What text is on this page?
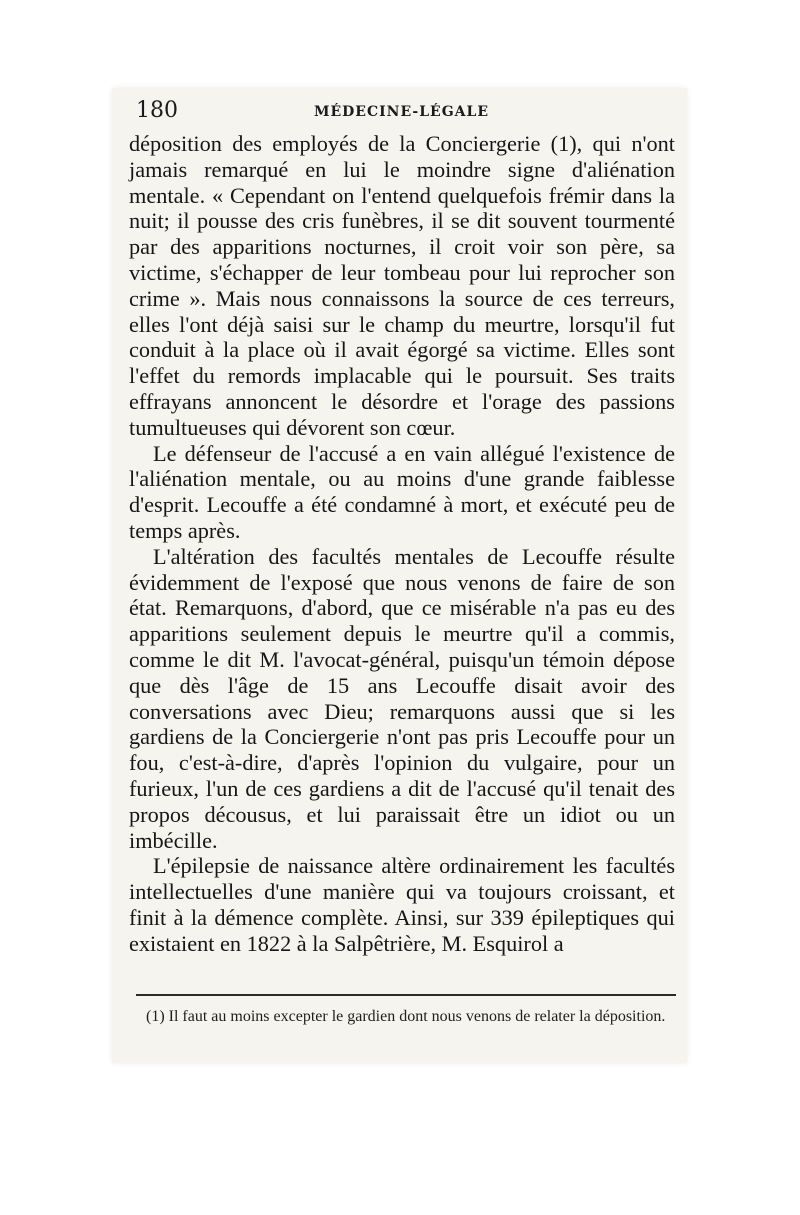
180	MÉDECINE-LÉGALE

déposition des employés de la Conciergerie (1), qui n'ont jamais remarqué en lui le moindre signe d'aliénation mentale. « Cependant on l'entend quelquefois frémir dans la nuit; il pousse des cris funèbres, il se dit souvent tourmenté par des apparitions nocturnes, il croit voir son père, sa victime, s'échapper de leur tombeau pour lui reprocher son crime ». Mais nous connaissons la source de ces terreurs, elles l'ont déjà saisi sur le champ du meurtre, lorsqu'il fut conduit à la place où il avait égorgé sa victime. Elles sont l'effet du remords implacable qui le poursuit. Ses traits effrayans annoncent le désordre et l'orage des passions tumultueuses qui dévorent son cœur.

Le défenseur de l'accusé a en vain allégué l'existence de l'aliénation mentale, ou au moins d'une grande faiblesse d'esprit. Lecouffe a été condamné à mort, et exécuté peu de temps après.

L'altération des facultés mentales de Lecouffe résulte évidemment de l'exposé que nous venons de faire de son état. Remarquons, d'abord, que ce misérable n'a pas eu des apparitions seulement depuis le meurtre qu'il a commis, comme le dit M. l'avocat-général, puisqu'un témoin dépose que dès l'âge de 15 ans Lecouffe disait avoir des conversations avec Dieu; remarquons aussi que si les gardiens de la Conciergerie n'ont pas pris Lecouffe pour un fou, c'est-à-dire, d'après l'opinion du vulgaire, pour un furieux, l'un de ces gardiens a dit de l'accusé qu'il tenait des propos décousus, et lui paraissait être un idiot ou un imbécille.

L'épilepsie de naissance altère ordinairement les facultés intellectuelles d'une manière qui va toujours croissant, et finit à la démence complète. Ainsi, sur 339 épileptiques qui existaient en 1822 à la Salpêtrière, M. Esquirol a

(1) Il faut au moins excepter le gardien dont nous venons de relater la déposition.
